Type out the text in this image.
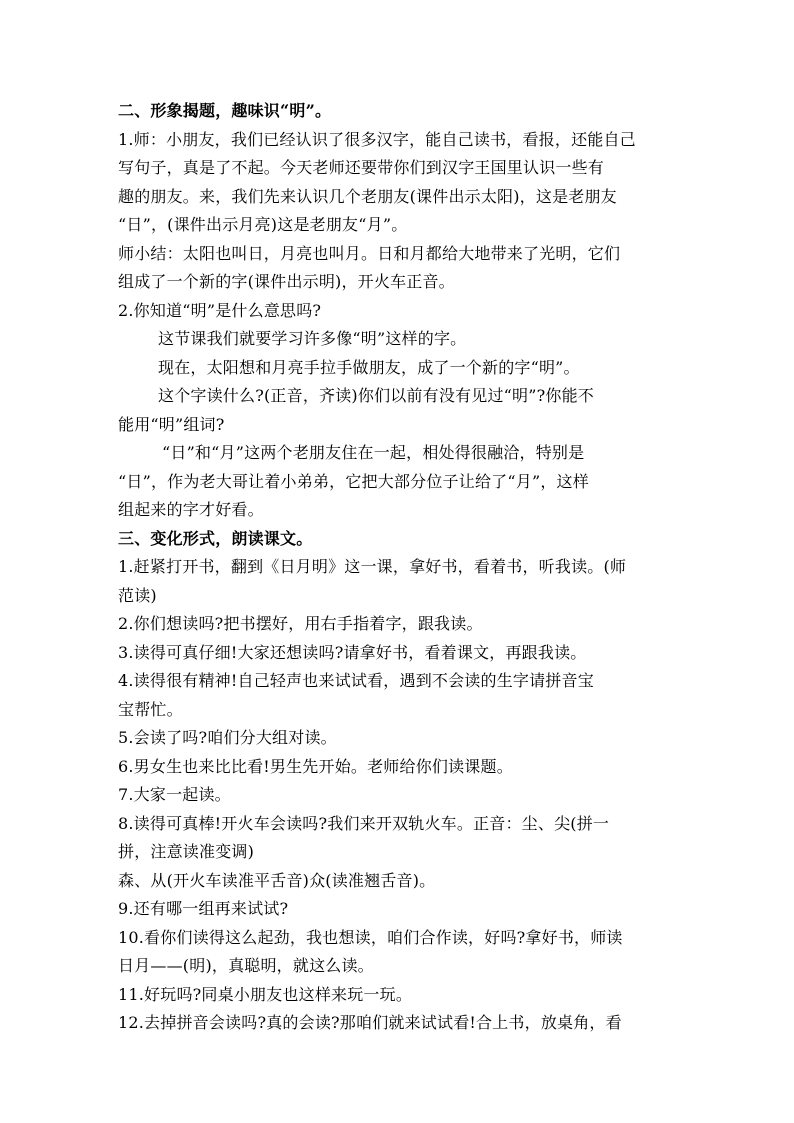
二、形象揭题，趣味识“明”。
1.师：小朋友，我们已经认识了很多汉字，能自己读书，看报，还能自己
写句子，真是了不起。今天老师还要带你们到汉字王国里认识一些有
趣的朋友。来，我们先来认识几个老朋友(课件出示太阳)，这是老朋友
“日”，(课件出示月亮)这是老朋友“月”。
师小结：太阳也叫日，月亮也叫月。日和月都给大地带来了光明，它们
组成了一个新的字(课件出示明)，开火车正音。
2.你知道“明”是什么意思吗?
这节课我们就要学习许多像“明”这样的字。
现在，太阳想和月亮手拉手做朋友，成了一个新的字“明”。
这个字读什么?(正音，齐读)你们以前有没有见过“明”?你能不
能用“明”组词?
“日”和“月”这两个老朋友住在一起，相处得很融洽，特别是
“日”，作为老大哥让着小弟弟，它把大部分位子让给了“月”，这样
组起来的字才好看。
三、变化形式，朗读课文。
1.赶紧打开书，翻到《日月明》这一课，拿好书，看着书，听我读。(师
范读)
2.你们想读吗?把书摆好，用右手指着字，跟我读。
3.读得可真仔细!大家还想读吗?请拿好书，看着课文，再跟我读。
4.读得很有精神!自己轻声也来试试看，遇到不会读的生字请拼音宝
宝帮忙。
5.会读了吗?咱们分大组对读。
6.男女生也来比比看!男生先开始。老师给你们读课题。
7.大家一起读。
8.读得可真棒!开火车会读吗?我们来开双轨火车。正音：尘、尖(拼一
拼，注意读准变调)
森、从(开火车读准平舌音)众(读准翘舌音)。
9.还有哪一组再来试试?
10.看你们读得这么起劲，我也想读，咱们合作读，好吗?拿好书，师读
日月——(明)，真聪明，就这么读。
11.好玩吗?同桌小朋友也这样来玩一玩。
12.去掉拼音会读吗?真的会读?那咱们就来试试看!合上书，放桌角，看
